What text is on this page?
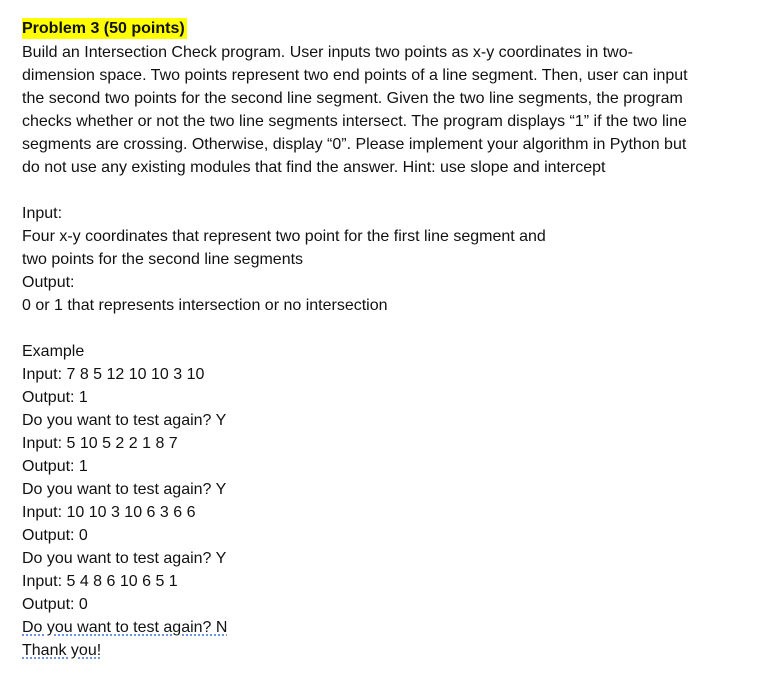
Problem 3 (50 points)
Build an Intersection Check program. User inputs two points as x-y coordinates in two-
dimension space. Two points represent two end points of a line segment. Then, user can input
the second two points for the second line segment. Given the two line segments, the program
checks whether or not the two line segments intersect. The program displays “1” if the two line
segments are crossing. Otherwise, display “0”. Please implement your algorithm in Python but
do not use any existing modules that find the answer. Hint: use slope and intercept
Input:
Four x-y coordinates that represent two point for the first line segment and
two points for the second line segments
Output:
0 or 1 that represents intersection or no intersection
Example
Input: 7 8 5 12 10 10 3 10
Output: 1
Do you want to test again? Y
Input: 5 10 5 2 2 1 8 7
Output: 1
Do you want to test again? Y
Input: 10 10 3 10 6 3 6 6
Output: 0
Do you want to test again? Y
Input: 5 4 8 6 10 6 5 1
Output: 0
Do you want to test again? N
Thank you!
